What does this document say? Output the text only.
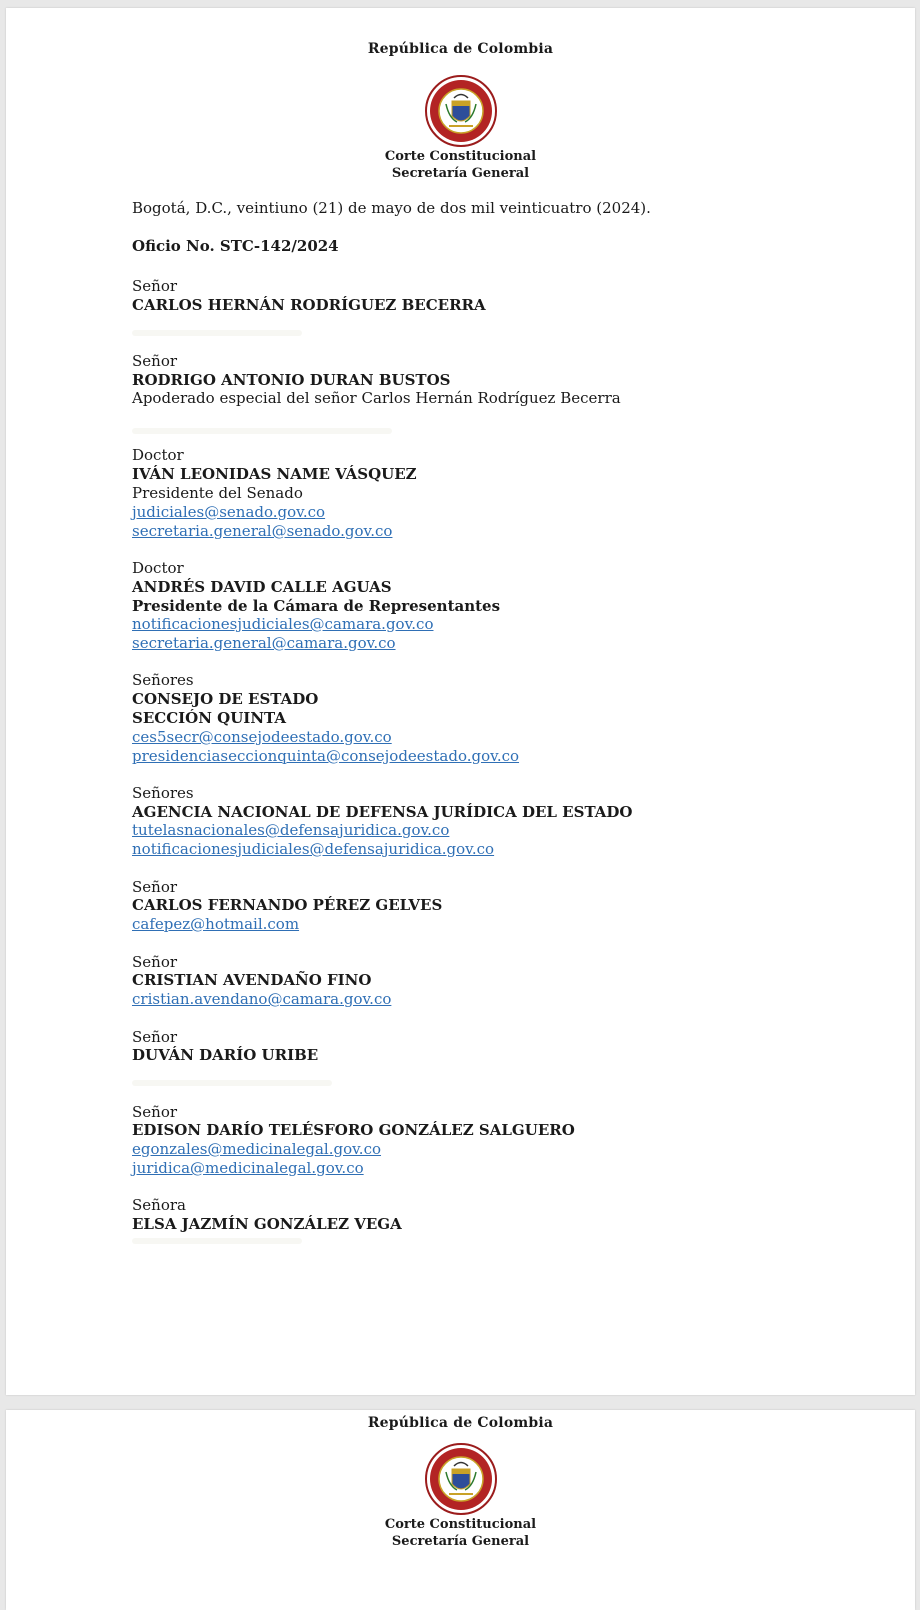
República de Colombia
Corte Constitucional
Secretaría General
Bogotá, D.C., veintiuno (21) de mayo de dos mil veinticuatro (2024).
Oficio No. STC-142/2024
Señor
CARLOS HERNÁN RODRÍGUEZ BECERRA
Señor
RODRIGO ANTONIO DURAN BUSTOS
Apoderado especial del señor Carlos Hernán Rodríguez Becerra
Doctor
IVÁN LEONIDAS NAME VÁSQUEZ
Presidente del Senado
judiciales@senado.gov.co
secretaria.general@senado.gov.co
Doctor
ANDRÉS DAVID CALLE AGUAS
Presidente de la Cámara de Representantes
notificacionesjudiciales@camara.gov.co
secretaria.general@camara.gov.co
Señores
CONSEJO DE ESTADO
SECCIÓN QUINTA
ces5secr@consejodeestado.gov.co
presidenciaseccionquinta@consejodeestado.gov.co
Señores
AGENCIA NACIONAL DE DEFENSA JURÍDICA DEL ESTADO
tutelasnacionales@defensajuridica.gov.co
notificacionesjudiciales@defensajuridica.gov.co
Señor
CARLOS FERNANDO PÉREZ GELVES
cafepez@hotmail.com
Señor
CRISTIAN AVENDAÑO FINO
cristian.avendano@camara.gov.co
Señor
DUVÁN DARÍO URIBE
Señor
EDISON DARÍO TELÉSFORO GONZÁLEZ SALGUERO
egonzales@medicinalegal.gov.co
juridica@medicinalegal.gov.co
Señora
ELSA JAZMÍN GONZÁLEZ VEGA
República de Colombia
Corte Constitucional
Secretaría General
